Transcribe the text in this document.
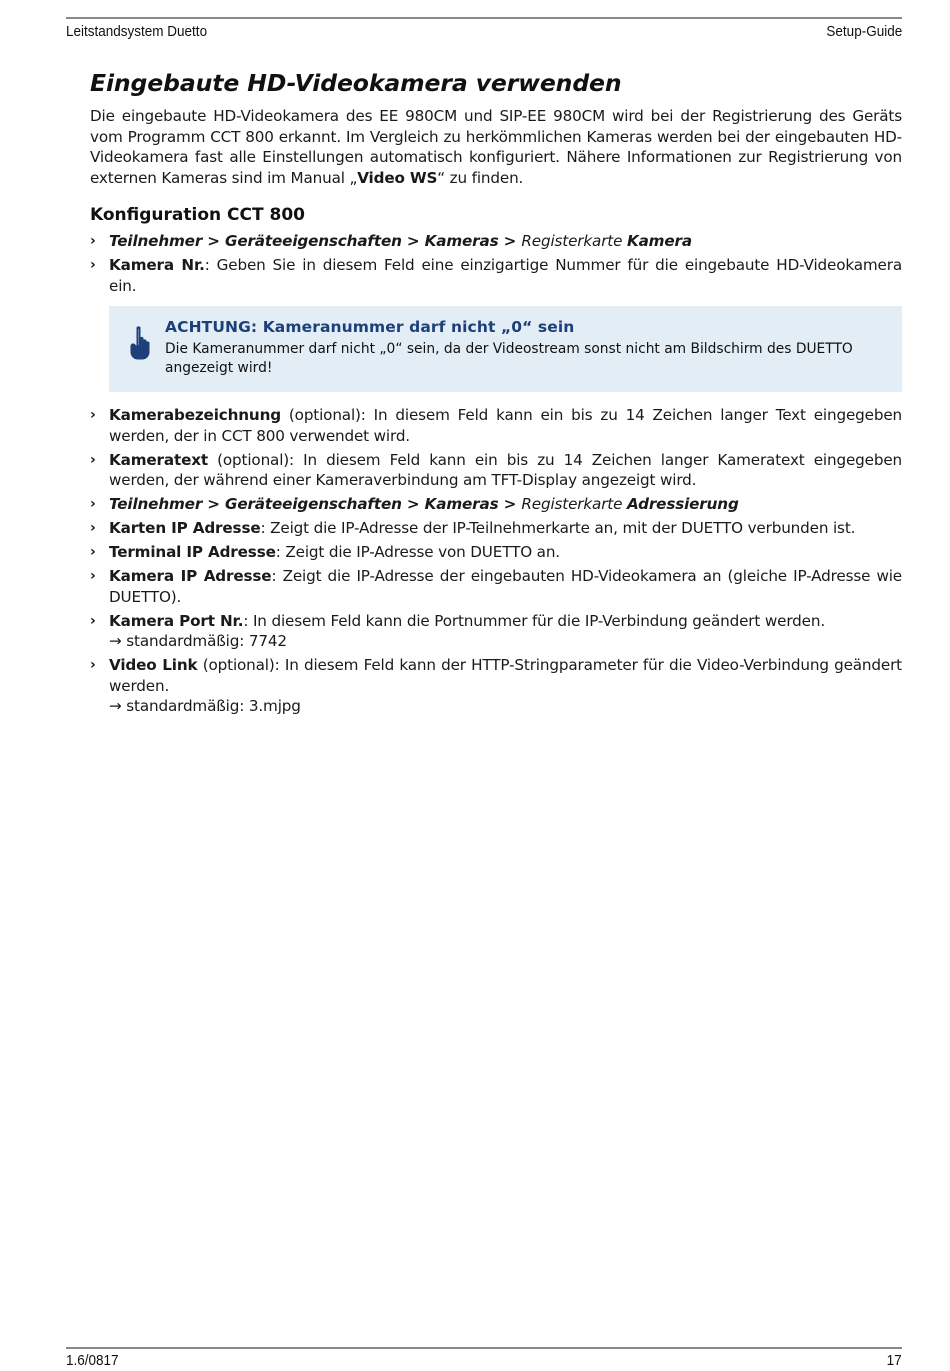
Leitstandsystem Duetto	Setup-Guide
Eingebaute HD-Videokamera verwenden

Die eingebaute HD-Videokamera des EE 980CM und SIP-EE 980CM wird bei der Registrierung des Geräts vom Programm CCT 800 erkannt. Im Vergleich zu herkömmlichen Kameras werden bei der eingebauten HD-Videokamera fast alle Einstellungen automatisch konfiguriert. Nähere Informationen zur Registrierung von externen Kameras sind im Manual „Video WS“ zu finden.

Konfiguration CCT 800
› Teilnehmer > Geräteeigenschaften > Kameras > Registerkarte Kamera
› Kamera Nr.: Geben Sie in diesem Feld eine einzigartige Nummer für die eingebaute HD-Videokamera ein.
ACHTUNG: Kameranummer darf nicht „0“ sein
Die Kameranummer darf nicht „0“ sein, da der Videostream sonst nicht am Bildschirm des DUETTO angezeigt wird!
› Kamerabezeichnung (optional): In diesem Feld kann ein bis zu 14 Zeichen langer Text eingegeben werden, der in CCT 800 verwendet wird.
› Kameratext (optional): In diesem Feld kann ein bis zu 14 Zeichen langer Kameratext eingegeben werden, der während einer Kameraverbindung am TFT-Display angezeigt wird.
› Teilnehmer > Geräteeigenschaften > Kameras > Registerkarte Adressierung
› Karten IP Adresse: Zeigt die IP-Adresse der IP-Teilnehmerkarte an, mit der DUETTO verbunden ist.
› Terminal IP Adresse: Zeigt die IP-Adresse von DUETTO an.
› Kamera IP Adresse: Zeigt die IP-Adresse der eingebauten HD-Videokamera an (gleiche IP-Adresse wie DUETTO).
› Kamera Port Nr.: In diesem Feld kann die Portnummer für die IP-Verbindung geändert werden.
→ standardmäßig: 7742
› Video Link (optional): In diesem Feld kann der HTTP-Stringparameter für die Video-Verbindung geändert werden.
→ standardmäßig: 3.mjpg
1.6/0817	17
